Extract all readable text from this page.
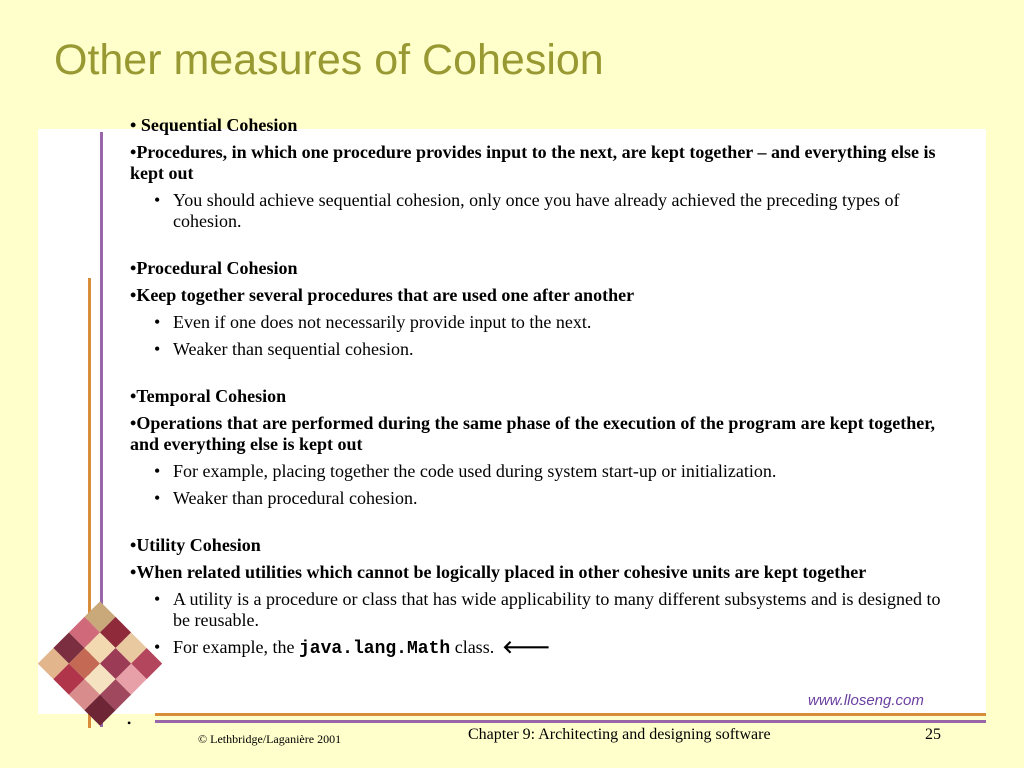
Other measures of Cohesion
• Sequential Cohesion
•Procedures, in which one procedure provides input to the next, are kept together – and everything else is kept out
• You should achieve sequential cohesion, only once you have already achieved the preceding types of cohesion.
•Procedural Cohesion
•Keep together several procedures that are used one after another
• Even if one does not necessarily provide input to the next.
• Weaker than sequential cohesion.
•Temporal Cohesion
•Operations that are performed during the same phase of the execution of the program are kept together, and everything else is kept out
• For example, placing together the code used during system start-up or initialization.
• Weaker than procedural cohesion.
•Utility Cohesion
•When related utilities which cannot be logically placed in other cohesive units are kept together
• A utility is a procedure or class that has wide applicability to many different subsystems and is designed to be reusable.
• For example, the java.lang.Math class. 🡐
•
www.lloseng.com
© Lethbridge/Laganière 2001	Chapter 9: Architecting and designing software	25
